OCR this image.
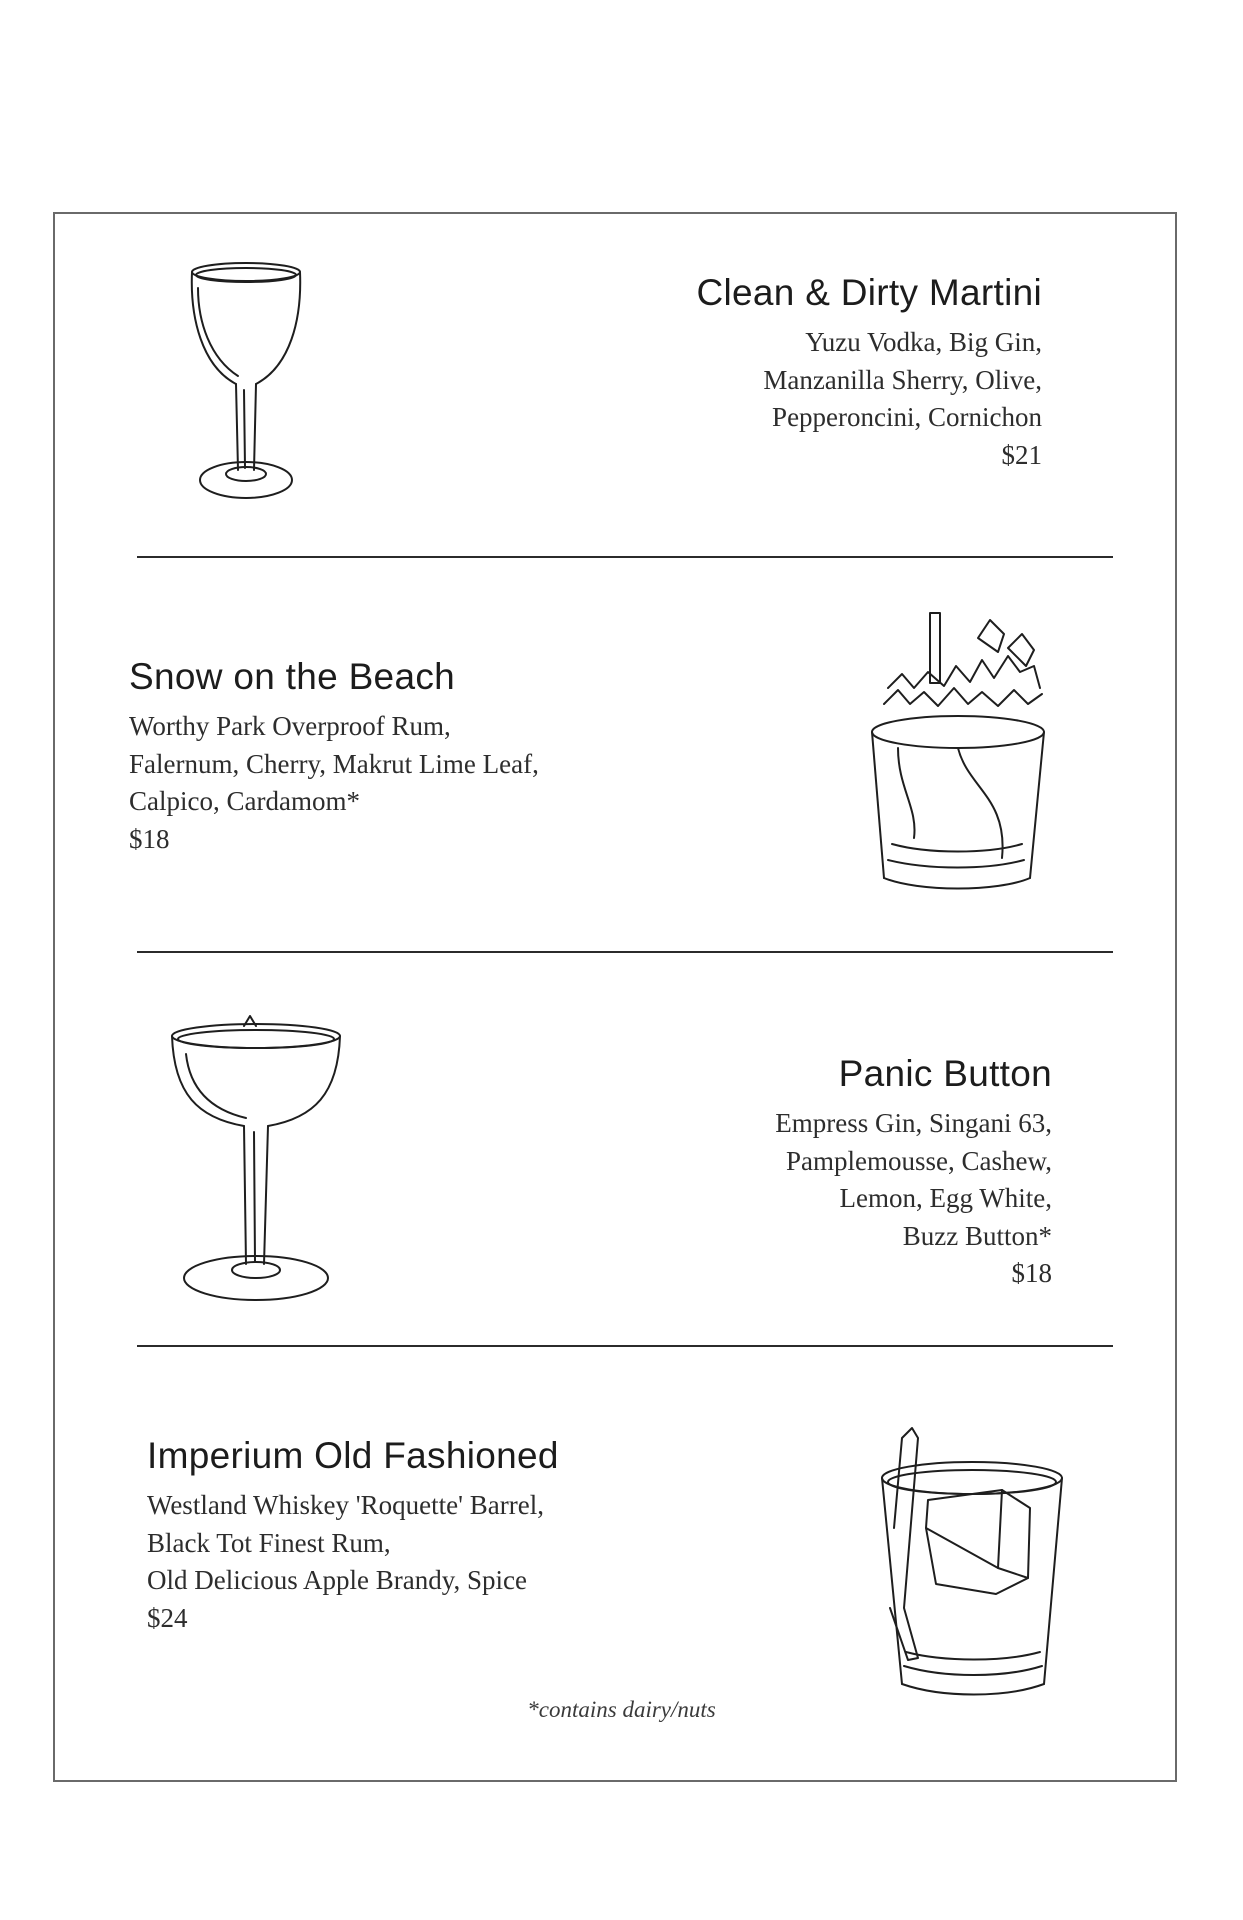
Clean & Dirty Martini
Yuzu Vodka, Big Gin,
Manzanilla Sherry, Olive,
Pepperoncini, Cornichon
$21
Snow on the Beach
Worthy Park Overproof Rum,
Falernum, Cherry, Makrut Lime Leaf,
Calpico, Cardamom*
$18
Panic Button
Empress Gin, Singani 63,
Pamplemousse, Cashew,
Lemon, Egg White,
Buzz Button*
$18
Imperium Old Fashioned
Westland Whiskey 'Roquette' Barrel,
Black Tot Finest Rum,
Old Delicious Apple Brandy, Spice
$24
*contains dairy/nuts
